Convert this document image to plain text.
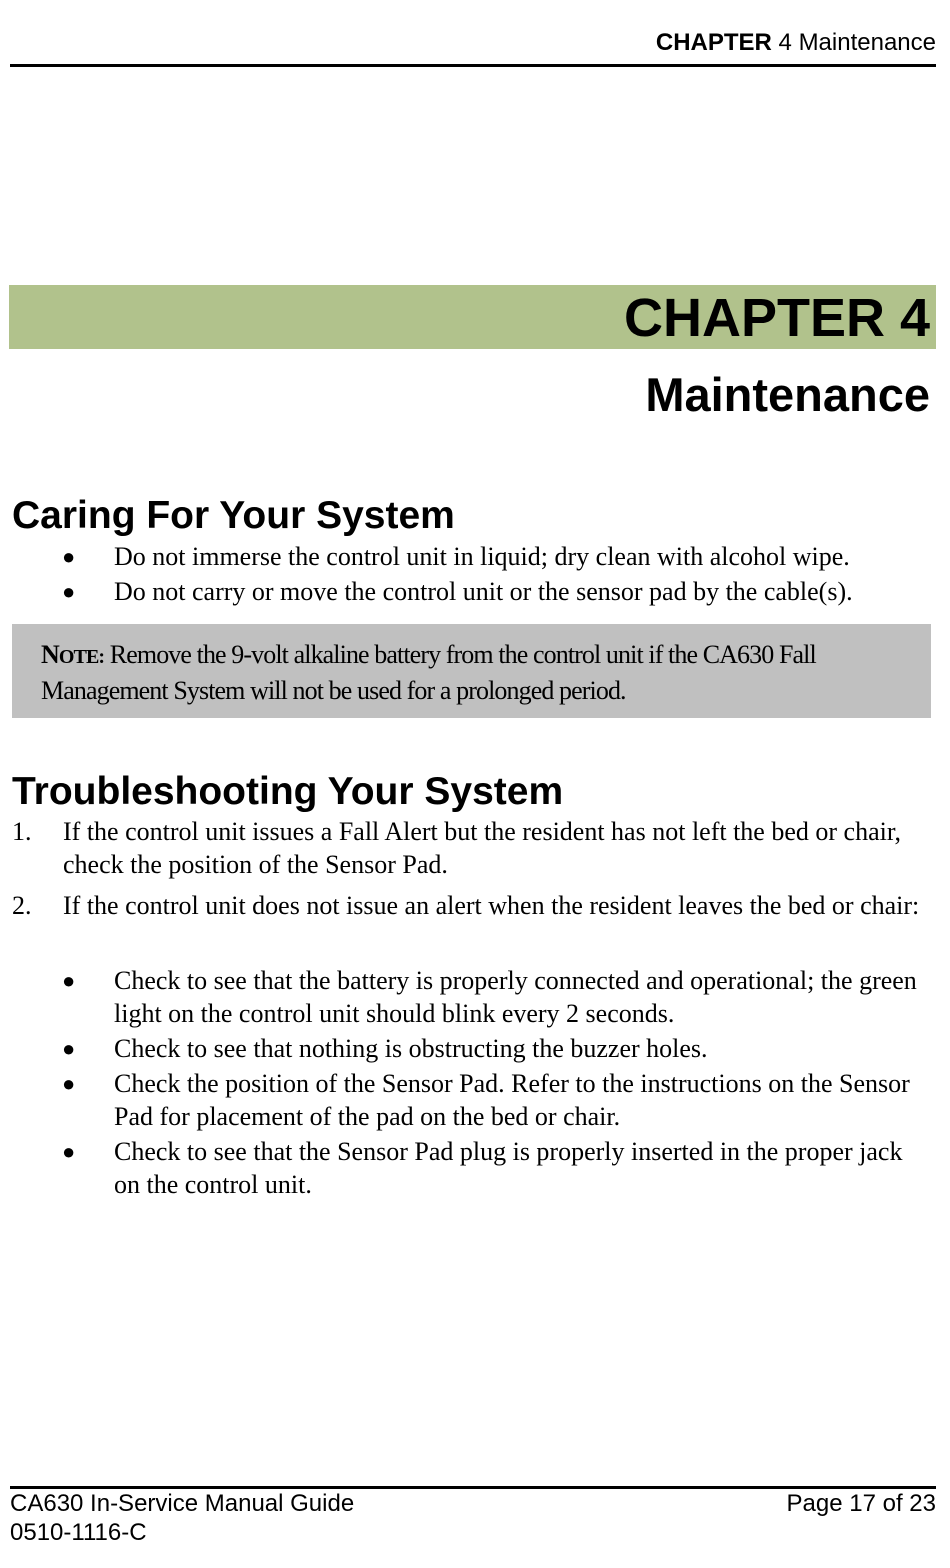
CHAPTER 4 Maintenance
CHAPTER 4
Maintenance
Caring For Your System
● Do not immerse the control unit in liquid; dry clean with alcohol wipe.
● Do not carry or move the control unit or the sensor pad by the cable(s).
NOTE: Remove the 9-volt alkaline battery from the control unit if the CA630 Fall Management System will not be used for a prolonged period.
Troubleshooting Your System
1. If the control unit issues a Fall Alert but the resident has not left the bed or chair, check the position of the Sensor Pad.
2. If the control unit does not issue an alert when the resident leaves the bed or chair:
● Check to see that the battery is properly connected and operational; the green light on the control unit should blink every 2 seconds.
● Check to see that nothing is obstructing the buzzer holes.
● Check the position of the Sensor Pad. Refer to the instructions on the Sensor Pad for placement of the pad on the bed or chair.
● Check to see that the Sensor Pad plug is properly inserted in the proper jack on the control unit.
CA630 In-Service Manual Guide	Page 17 of 23
0510-1116-C
